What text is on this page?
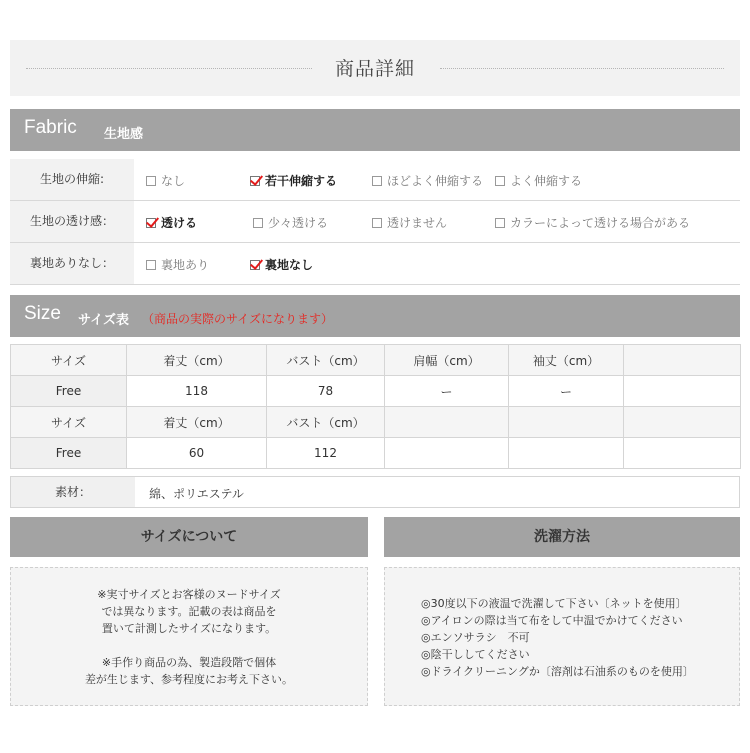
商品詳細
Fabric 生地感
生地の伸縮:	なし	若干伸縮する	ほどよく伸縮する	よく伸縮する
生地の透け感：	透ける	少々透ける	透けません	カラーによって透ける場合がある
裏地ありなし：	裏地あり	裏地なし
Size サイズ表 （商品の実際のサイズになります）
サイズ	着丈（cm）	バスト（cm）	肩幅（cm）	袖丈（cm）	
Free	118	78	ー	ー	
サイズ	着丈（cm）	バスト（cm）			
Free	60	112			
素材：	綿、ポリエステル
サイズについて
※実寸サイズとお客様のヌードサイズ
では異なります。記載の表は商品を
置いて計測したサイズになります。
※手作り商品の為、製造段階で個体
差が生じます、参考程度にお考え下さい。
洗濯方法
◎30度以下の液温で洗濯して下さい〔ネットを使用〕
◎アイロンの際は当て布をして中温でかけてください
◎エンソサラシ　不可
◎陰干ししてください
◎ドライクリーニングか〔溶剤は石油系のものを使用〕
